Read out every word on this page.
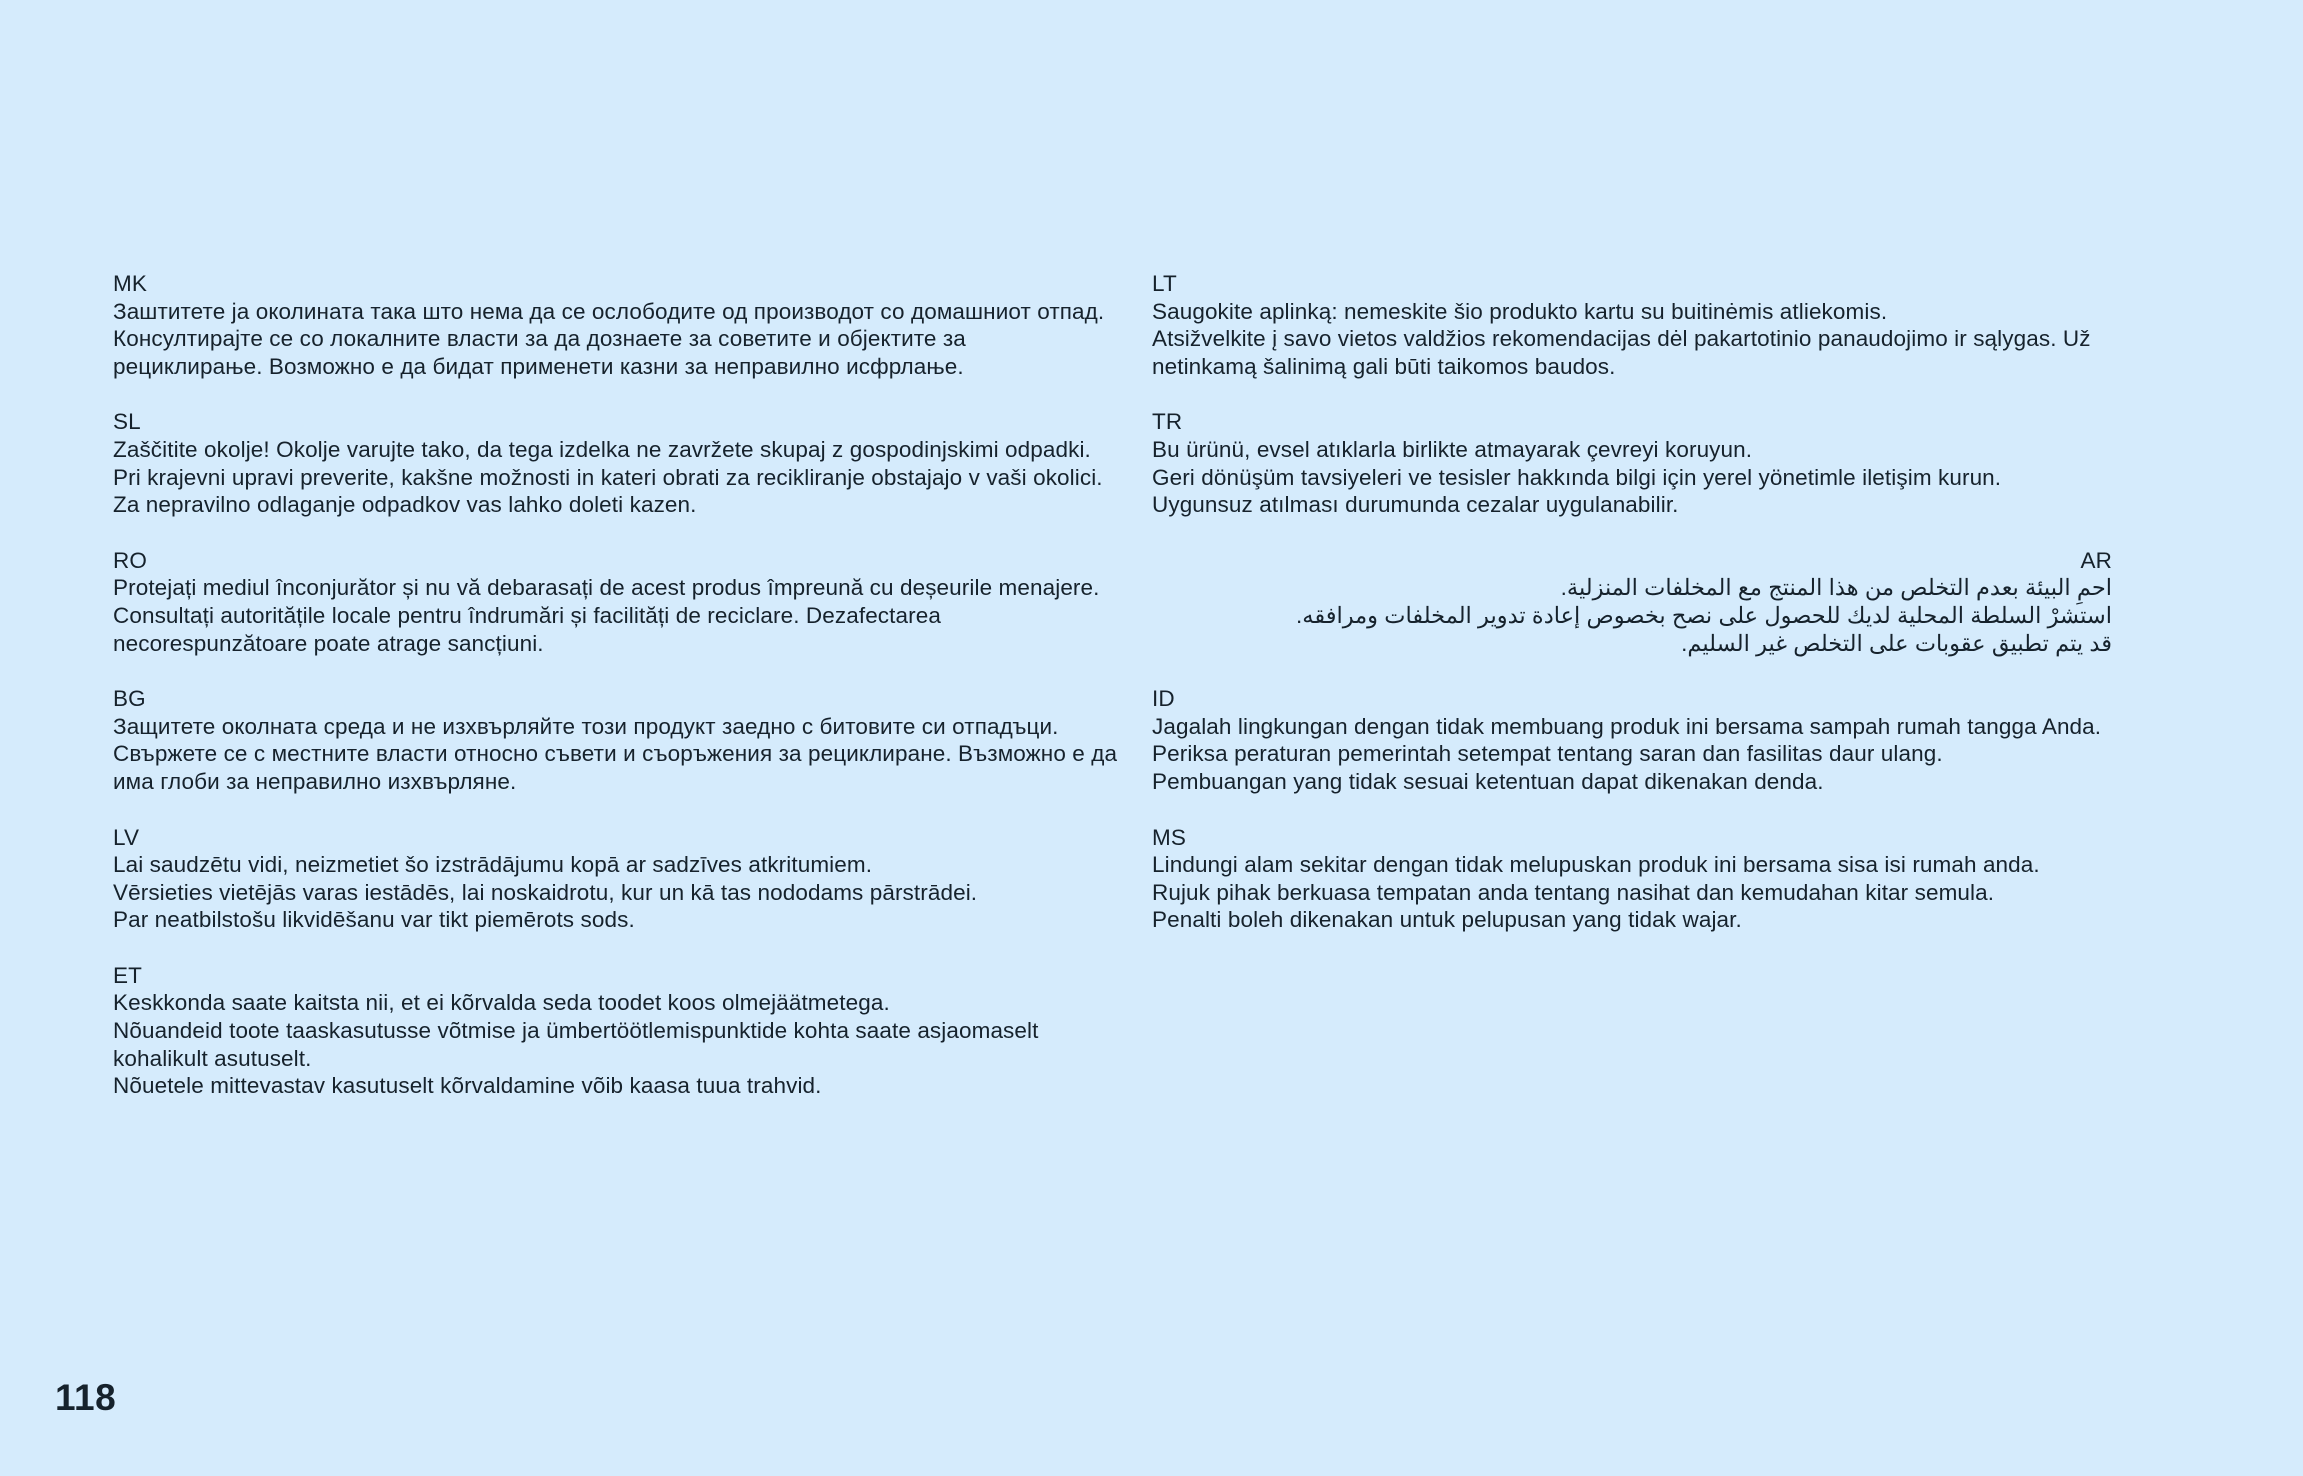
MK

Заштитете ја околината така што нема да се ослободите од производот со домашниот отпад.

Консултирајте се со локалните власти за да дознаете за советите и објектите за рециклирање. Возможно е да бидат применети казни за неправилно исфрлање.

SL

Zaščitite okolje! Okolje varujte tako, da tega izdelka ne zavržete skupaj z gospodinjskimi odpadki.

Pri krajevni upravi preverite, kakšne možnosti in kateri obrati za recikliranje obstajajo v vaši okolici. Za nepravilno odlaganje odpadkov vas lahko doleti kazen.

RO

Protejați mediul înconjurător și nu vă debarasați de acest produs împreună cu deșeurile menajere.

Consultați autoritățile locale pentru îndrumări și facilități de reciclare. Dezafectarea necorespunzătoare poate atrage sancțiuni.

BG

Защитете околната среда и не изхвърляйте този продукт заедно с битовите си отпадъци.

Свържете се с местните власти относно съвети и съоръжения за рециклиране. Възможно е да има глоби за неправилно изхвърляне.

LV

Lai saudzētu vidi, neizmetiet šo izstrādājumu kopā ar sadzīves atkritumiem.

Vērsieties vietējās varas iestādēs, lai noskaidrotu, kur un kā tas nododams pārstrādei.

Par neatbilstošu likvidēšanu var tikt piemērots sods.

ET

Keskkonda saate kaitsta nii, et ei kõrvalda seda toodet koos olmejäätmetega.

Nõuandeid toote taaskasutusse võtmise ja ümbertöötlemispunktide kohta saate asjaomaselt kohalikult asutuselt.

Nõuetele mittevastav kasutuselt kõrvaldamine võib kaasa tuua trahvid.

LT

Saugokite aplinką: nemeskite šio produkto kartu su buitinėmis atliekomis.

Atsižvelkite į savo vietos valdžios rekomendacijas dėl pakartotinio panaudojimo ir sąlygas. Už netinkamą šalinimą gali būti taikomos baudos.

TR

Bu ürünü, evsel atıklarla birlikte atmayarak çevreyi koruyun.

Geri dönüşüm tavsiyeleri ve tesisler hakkında bilgi için yerel yönetimle iletişim kurun.

Uygunsuz atılması durumunda cezalar uygulanabilir.

AR

احمِ البيئة بعدم التخلص من هذا المنتج مع المخلفات المنزلية.

استشرْ السلطة المحلية لديك للحصول على نصح بخصوص إعادة تدوير المخلفات ومرافقه.

قد يتم تطبيق عقوبات على التخلص غير السليم.

ID

Jagalah lingkungan dengan tidak membuang produk ini bersama sampah rumah tangga Anda.

Periksa peraturan pemerintah setempat tentang saran dan fasilitas daur ulang.

Pembuangan yang tidak sesuai ketentuan dapat dikenakan denda.

MS

Lindungi alam sekitar dengan tidak melupuskan produk ini bersama sisa isi rumah anda.

Rujuk pihak berkuasa tempatan anda tentang nasihat dan kemudahan kitar semula.

Penalti boleh dikenakan untuk pelupusan yang tidak wajar.

118
